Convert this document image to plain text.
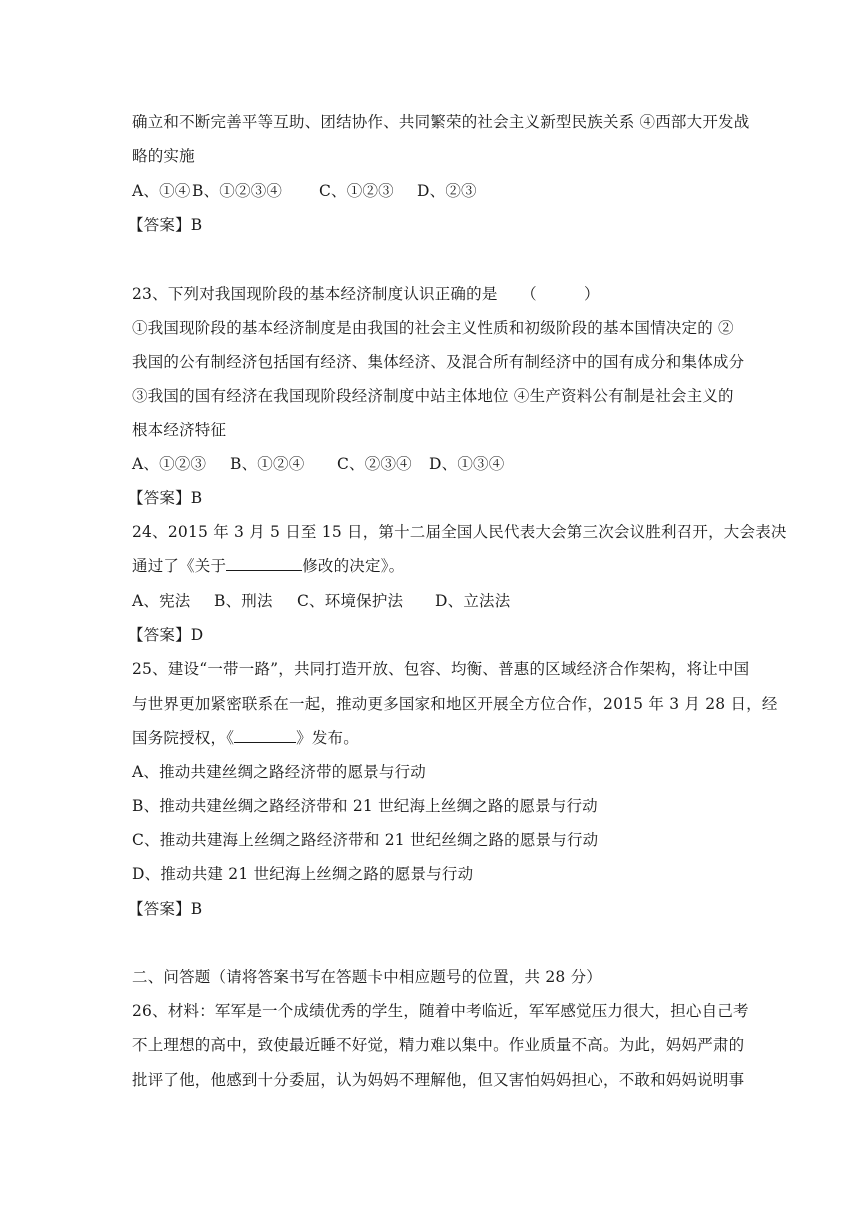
确立和不断完善平等互助、团结协作、共同繁荣的社会主义新型民族关系 ④西部大开发战
略的实施
A、①④B、①②③④ C、①②③ D、②③
【答案】B
23、下列对我国现阶段的基本经济制度认识正确的是　　（　　　）
①我国现阶段的基本经济制度是由我国的社会主义性质和初级阶段的基本国情决定的 ②
我国的公有制经济包括国有经济、集体经济、及混合所有制经济中的国有成分和集体成分
③我国的国有经济在我国现阶段经济制度中站主体地位 ④生产资料公有制是社会主义的
根本经济特征
A、①②③ B、①②④ C、②③④ D、①③④
【答案】B
24、2015 年 3 月 5 日至 15 日，第十二届全国人民代表大会第三次会议胜利召开，大会表决
通过了《关于	修改的决定》。
A、宪法 B、刑法 C、环境保护法 D、立法法
【答案】D
25、建设“一带一路”，共同打造开放、包容、均衡、普惠的区域经济合作架构，将让中国
与世界更加紧密联系在一起，推动更多国家和地区开展全方位合作，2015 年 3 月 28 日，经
国务院授权，《	》发布。
A、推动共建丝绸之路经济带的愿景与行动
B、推动共建丝绸之路经济带和 21 世纪海上丝绸之路的愿景与行动
C、推动共建海上丝绸之路经济带和 21 世纪丝绸之路的愿景与行动
D、推动共建 21 世纪海上丝绸之路的愿景与行动
【答案】B
二、问答题（请将答案书写在答题卡中相应题号的位置，共 28 分）
26、材料：军军是一个成绩优秀的学生，随着中考临近，军军感觉压力很大，担心自己考
不上理想的高中，致使最近睡不好觉，精力难以集中。作业质量不高。为此，妈妈严肃的
批评了他，他感到十分委屈，认为妈妈不理解他，但又害怕妈妈担心，不敢和妈妈说明事
